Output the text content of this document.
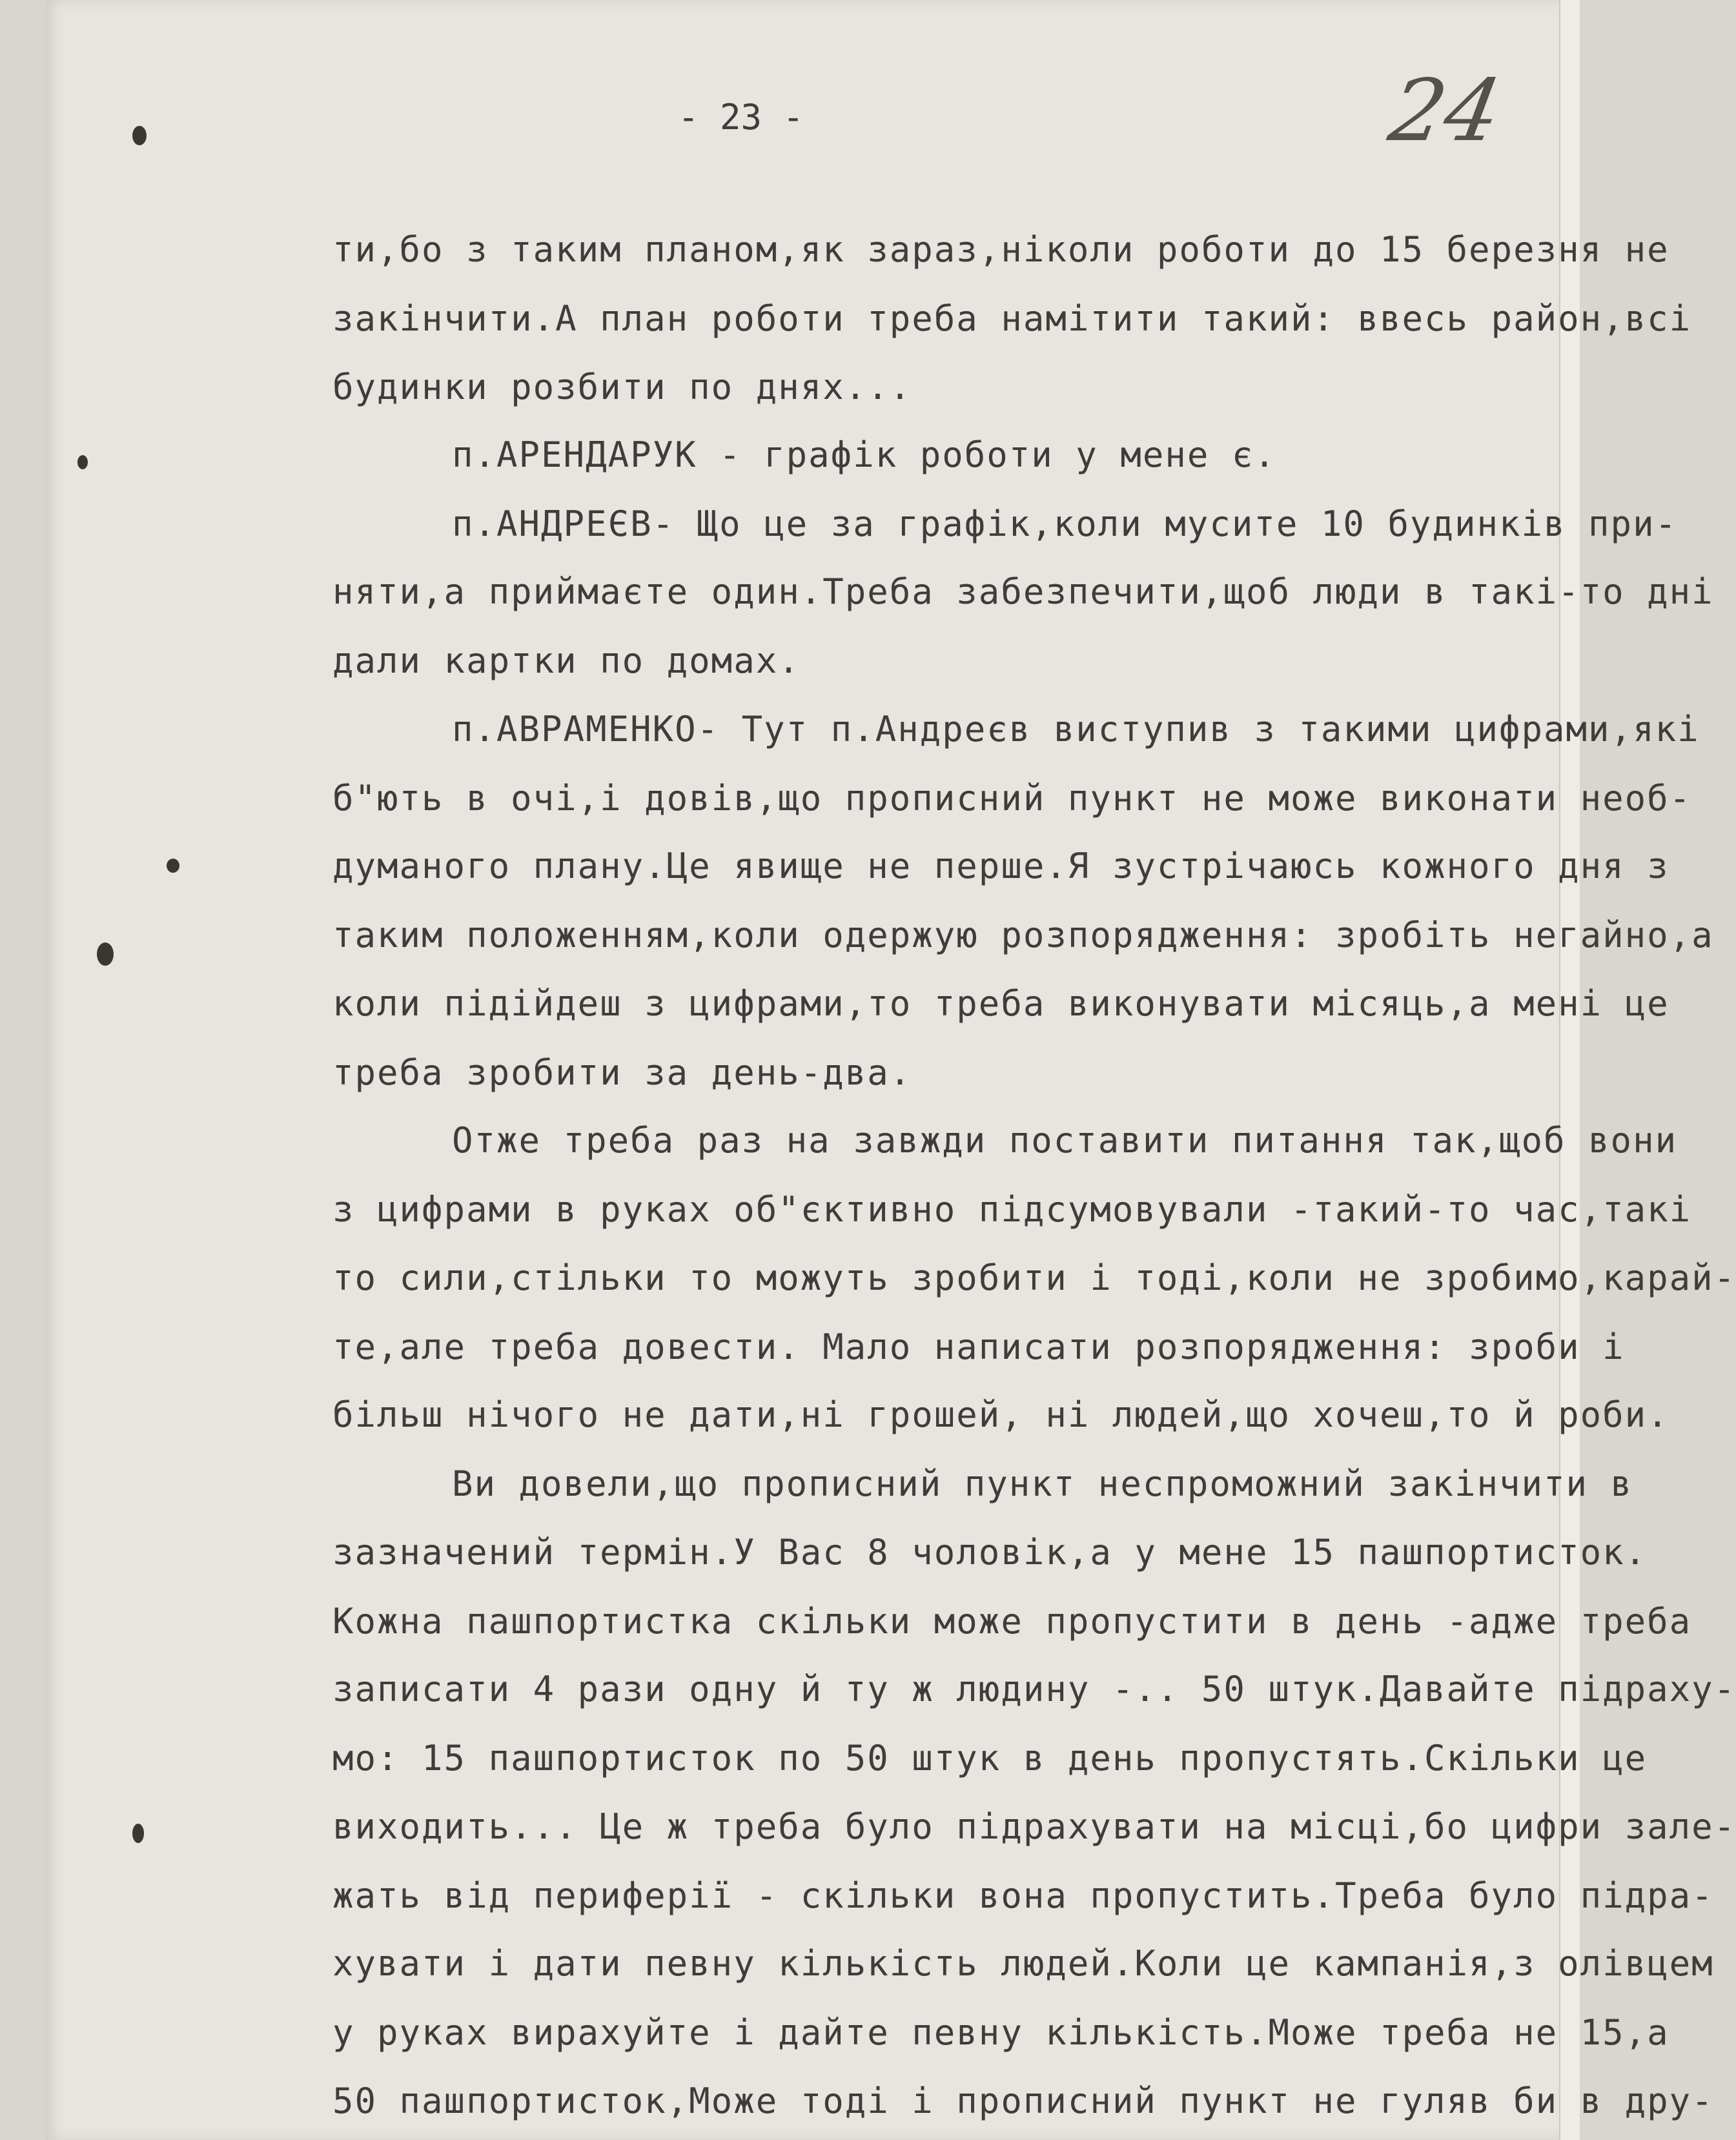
- 23 -	24
ти,бо з таким планом,як зараз,ніколи роботи до 15 березня не
закінчити.А план роботи треба намітити такий: ввесь район,всі
будинки розбити по днях...
п.АРЕНДАРУК - графік роботи у мене є.
п.АНДРЕЄВ- Що це за графік,коли мусите 10 будинків при-
няти,а приймаєте один.Треба забезпечити,щоб люди в такі-то дні
дали картки по домах.
п.АВРАМЕНКО- Тут п.Андреєв виступив з такими цифрами,які
б"ють в очі,і довів,що прописний пункт не може виконати необ-
думаного плану.Це явище не перше.Я зустрічаюсь кожного дня з
таким положенням,коли одержую розпорядження: зробіть негайно,а
коли підійдеш з цифрами,то треба виконувати місяць,а мені це
треба зробити за день-два.
Отже треба раз на завжди поставити питання так,щоб вони
з цифрами в руках об"єктивно підсумовували -такий-то час,такі
то сили,стільки то можуть зробити і тоді,коли не зробимо,карай-
те,але треба довести. Мало написати розпорядження: зроби і
більш нічого не дати,ні грошей, ні людей,що хочеш,то й роби.
Ви довели,що прописний пункт неспроможний закінчити в
зазначений термін.У Вас 8 чоловік,а у мене 15 пашпортисток.
Кожна пашпортистка скільки може пропустити в день -адже треба
записати 4 рази одну й ту ж людину -.. 50 штук.Давайте підраху-
мо: 15 пашпортисток по 50 штук в день пропустять.Скільки це
виходить... Це ж треба було підрахувати на місці,бо цифри зале-
жать від периферії - скільки вона пропустить.Треба було підра-
хувати і дати певну кількість людей.Коли це кампанія,з олівцем
у руках вирахуйте і дайте певну кількість.Може треба не 15,а
50 пашпортисток,Може тоді і прописний пункт не гуляв би в дру-
